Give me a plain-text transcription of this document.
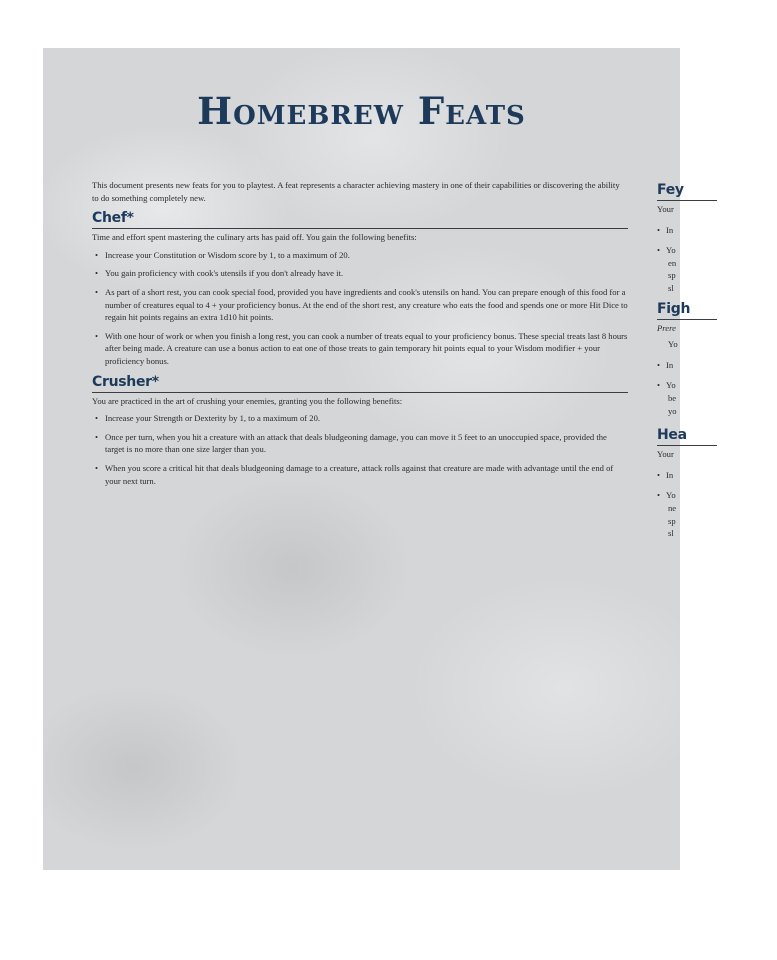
Homebrew Feats

This document presents new feats for you to playtest. A feat represents a character achieving mastery in one of their capabilities or discovering the ability to do something completely new.

Chef*

Time and effort spent mastering the culinary arts has paid off. You gain the following benefits:

• Increase your Constitution or Wisdom score by 1, to a maximum of 20.
• You gain proficiency with cook's utensils if you don't already have it.
• As part of a short rest, you can cook special food, provided you have ingredients and cook's utensils on hand. You can prepare enough of this food for a number of creatures equal to 4 + your proficiency bonus. At the end of the short rest, any creature who eats the food and spends one or more Hit Dice to regain hit points regains an extra 1d10 hit points.
• With one hour of work or when you finish a long rest, you can cook a number of treats equal to your proficiency bonus. These special treats last 8 hours after being made. A creature can use a bonus action to eat one of those treats to gain temporary hit points equal to your Wisdom modifier + your proficiency bonus.
Crusher*

You are practiced in the art of crushing your enemies, granting you the following benefits:

• Increase your Strength or Dexterity by 1, to a maximum of 20.
• Once per turn, when you hit a creature with an attack that deals bludgeoning damage, you can move it 5 feet to an unoccupied space, provided the target is no more than one size larger than you.
• When you score a critical hit that deals bludgeoning damage to a creature, attack rolls against that creature are made with advantage until the end of your next turn.
Fey
Your
• In
• Yo
en
sp
sl
Figh
Prere
Yo
• In
• Yo
be
yo
Hea
Your
• In
• Yo
ne
sp
sl
